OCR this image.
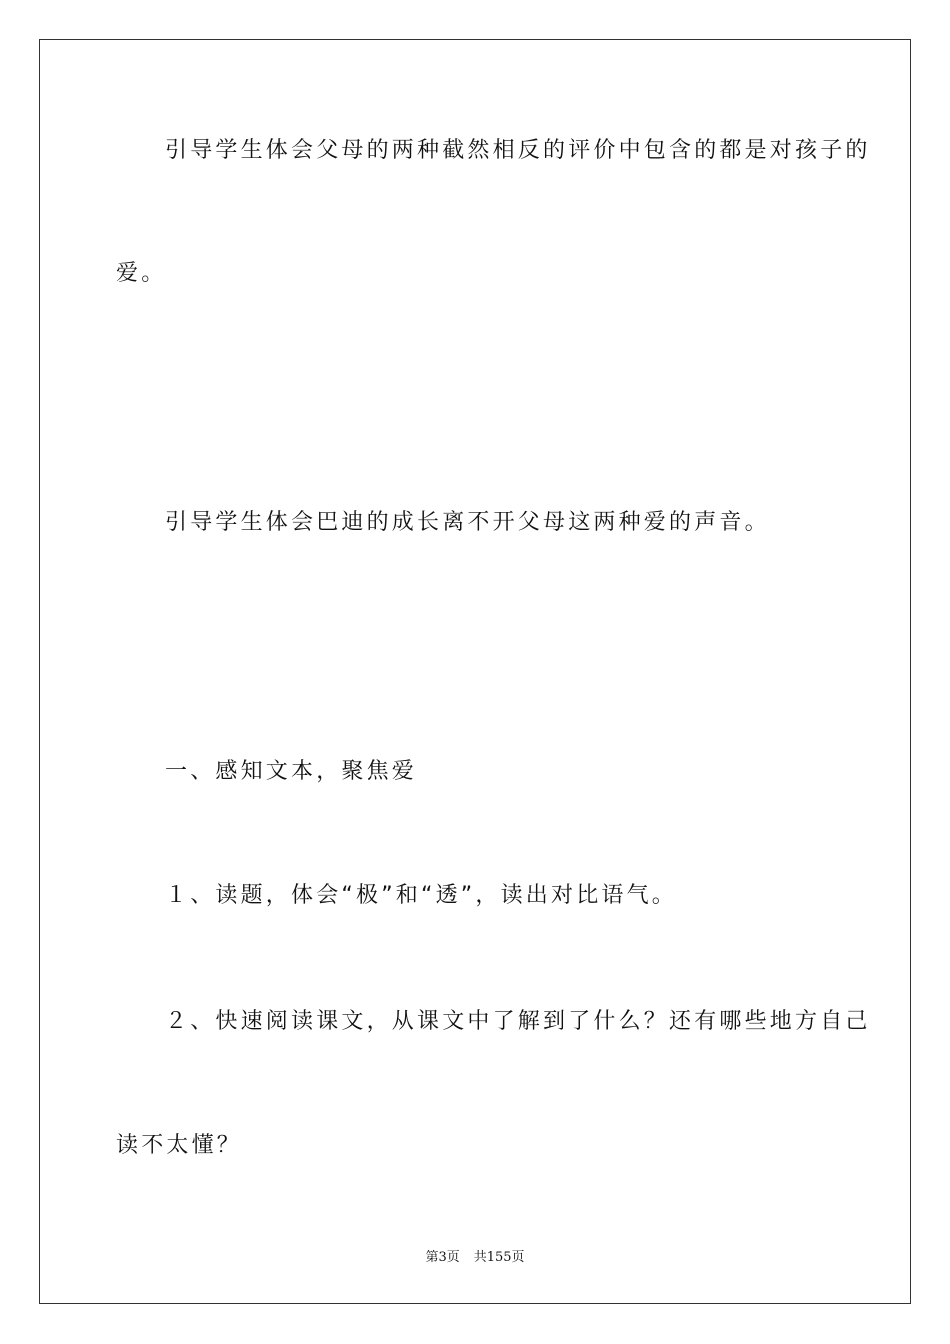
引导学生体会父母的两种截然相反的评价中包含的都是对孩子的
爱。
引导学生体会巴迪的成长离不开父母这两种爱的声音。
一、感知文本，聚焦爱
１、读题，体会“极”和“透”，读出对比语气。
２、快速阅读课文，从课文中了解到了什么？还有哪些地方自己
读不太懂？
第3页 共155页
